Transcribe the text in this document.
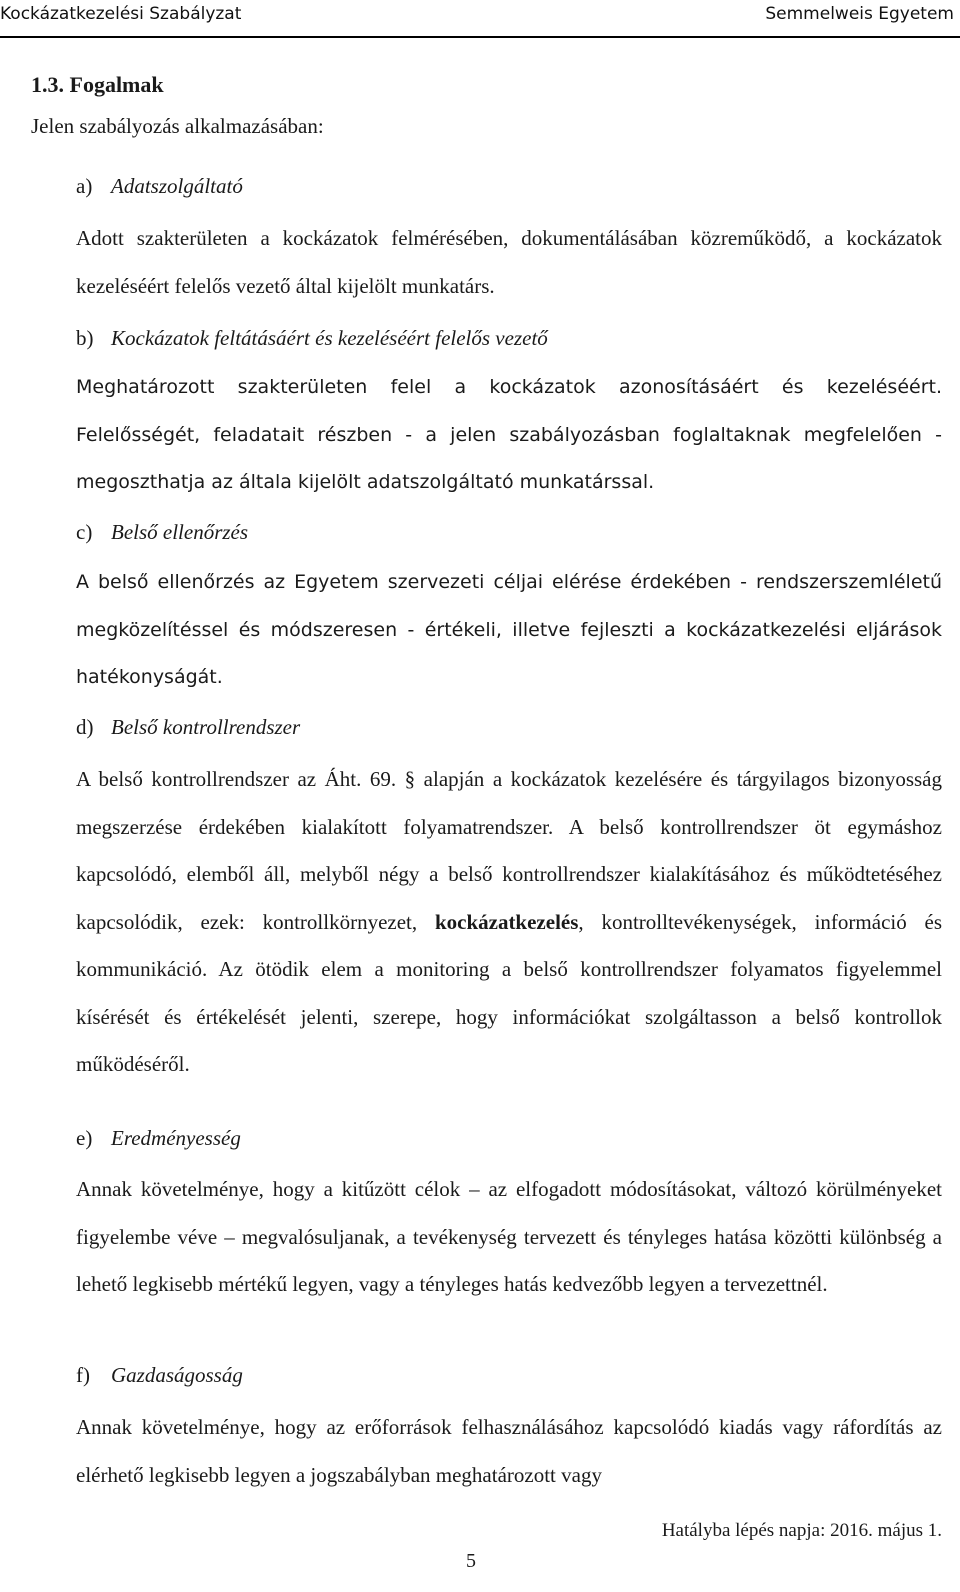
Kockázatkezelési Szabályzat	Semmelweis Egyetem
1.3. Fogalmak
Jelen szabályozás alkalmazásában:
a) Adatszolgáltató
Adott szakterületen a kockázatok felmérésében, dokumentálásában közreműködő, a kockázatok kezeléséért felelős vezető által kijelölt munkatárs.
b) Kockázatok feltátásáért és kezeléséért felelős vezető
Meghatározott szakterületen felel a kockázatok azonosításáért és kezeléséért. Felelősségét, feladatait részben - a jelen szabályozásban foglaltaknak megfelelően - megoszthatja az általa kijelölt adatszolgáltató munkatárssal.
c) Belső ellenőrzés
A belső ellenőrzés az Egyetem szervezeti céljai elérése érdekében - rendszerszemléletű megközelítéssel és módszeresen - értékeli, illetve fejleszti a kockázatkezelési eljárások hatékonyságát.
d) Belső kontrollrendszer
A belső kontrollrendszer az Áht. 69. § alapján a kockázatok kezelésére és tárgyilagos bizonyosság megszerzése érdekében kialakított folyamatrendszer. A belső kontrollrendszer öt egymáshoz kapcsolódó, elemből áll, melyből négy a belső kontrollrendszer kialakításához és működtetéséhez kapcsolódik, ezek: kontrollkörnyezet, kockázatkezelés, kontrolltevékenységek, információ és kommunikáció. Az ötödik elem a monitoring a belső kontrollrendszer folyamatos figyelemmel kísérését és értékelését jelenti, szerepe, hogy információkat szolgáltasson a belső kontrollok működéséről.
e) Eredményesség
Annak követelménye, hogy a kitűzött célok – az elfogadott módosításokat, változó körülményeket figyelembe véve – megvalósuljanak, a tevékenység tervezett és tényleges hatása közötti különbség a lehető legkisebb mértékű legyen, vagy a tényleges hatás kedvezőbb legyen a tervezettnél.
f) Gazdaságosság
Annak követelménye, hogy az erőforrások felhasználásához kapcsolódó kiadás vagy ráfordítás az elérhető legkisebb legyen a jogszabályban meghatározott vagy
Hatályba lépés napja: 2016. május 1.
5
